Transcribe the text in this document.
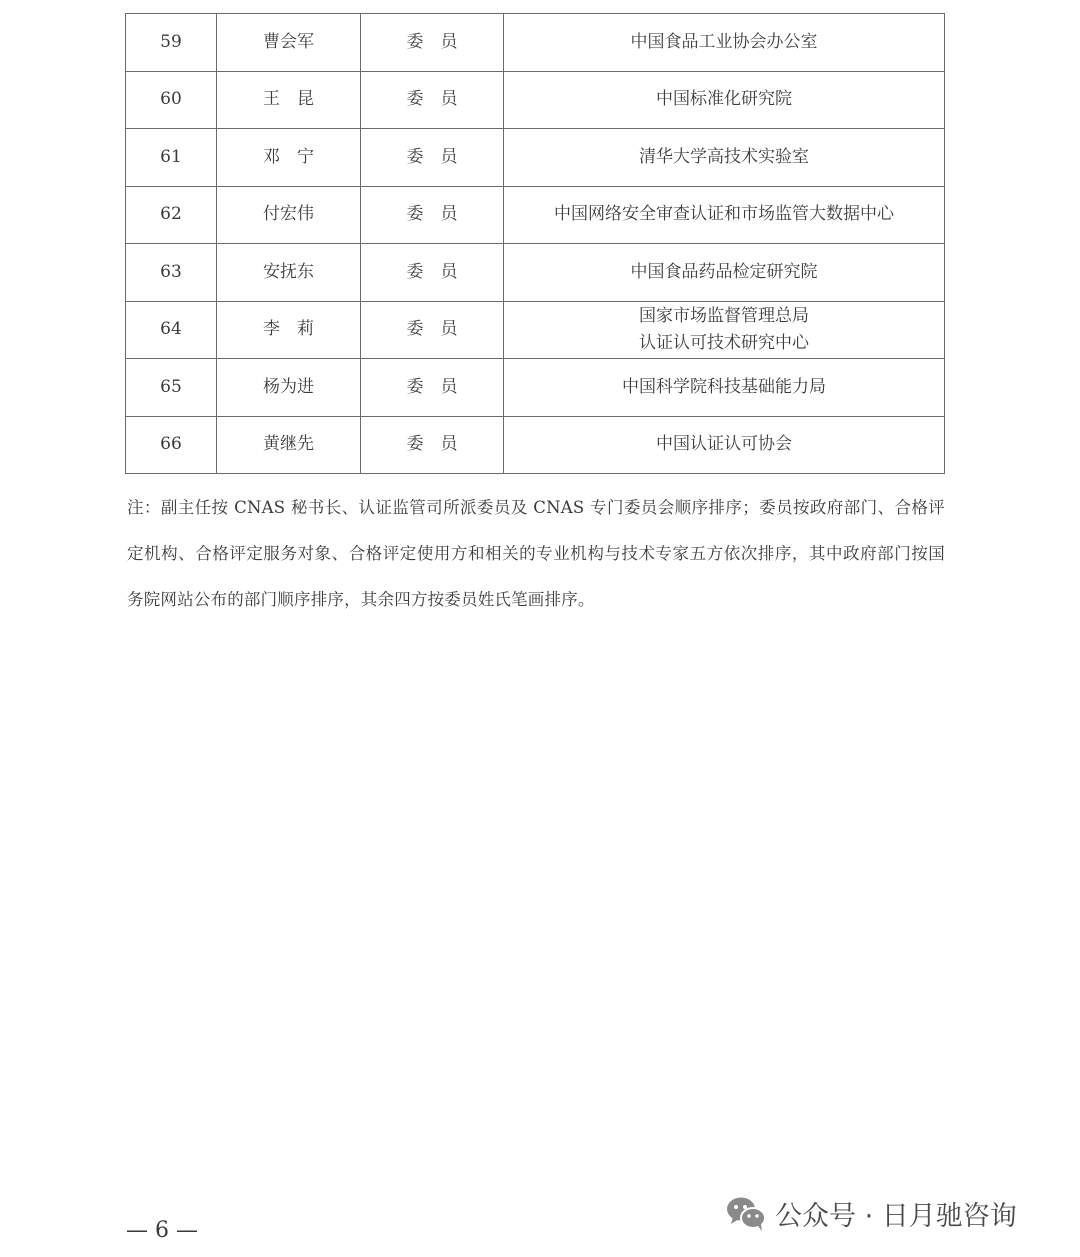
59	曹会军	委　员	中国食品工业协会办公室

60	王　昆	委　员	中国标准化研究院

61	邓　宁	委　员	清华大学高技术实验室

62	付宏伟	委　员	中国网络安全审查认证和市场监管大数据中心

63	安抚东	委　员	中国食品药品检定研究院

64	李　莉	委　员	国家市场监督管理总局
认证认可技术研究中心

65	杨为进	委　员	中国科学院科技基础能力局

66	黄继先	委　员	中国认证认可协会
注：副主任按 CNAS 秘书长、认证监管司所派委员及 CNAS 专门委员会顺序排序；委员按政府部门、合格评定机构、合格评定服务对象、合格评定使用方和相关的专业机构与技术专家五方依次排序，其中政府部门按国务院网站公布的部门顺序排序，其余四方按委员姓氏笔画排序。
— 6 —	公众号 · 日月驰咨询
